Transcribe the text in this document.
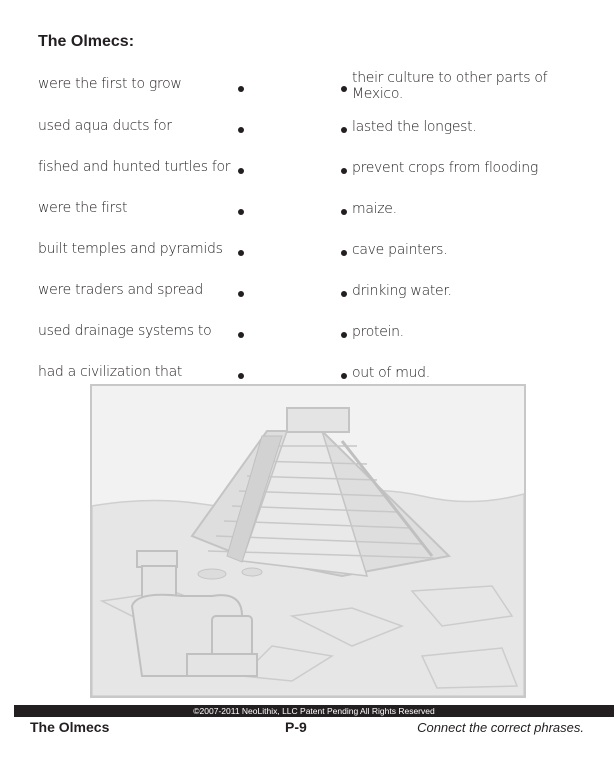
The Olmecs:
were the first to grow
used aqua ducts for
fished and hunted turtles for
were the first
built temples and pyramids
were traders and spread
used drainage systems to
had a civilization that
their culture to other parts of Mexico.
lasted the longest.
prevent crops from flooding
maize.
cave painters.
drinking water.
protein.
out of mud.
©2007-2011 NeoLithix, LLC Patent Pending All Rights Reserved
The Olmecs	P-9	Connect the correct phrases.
